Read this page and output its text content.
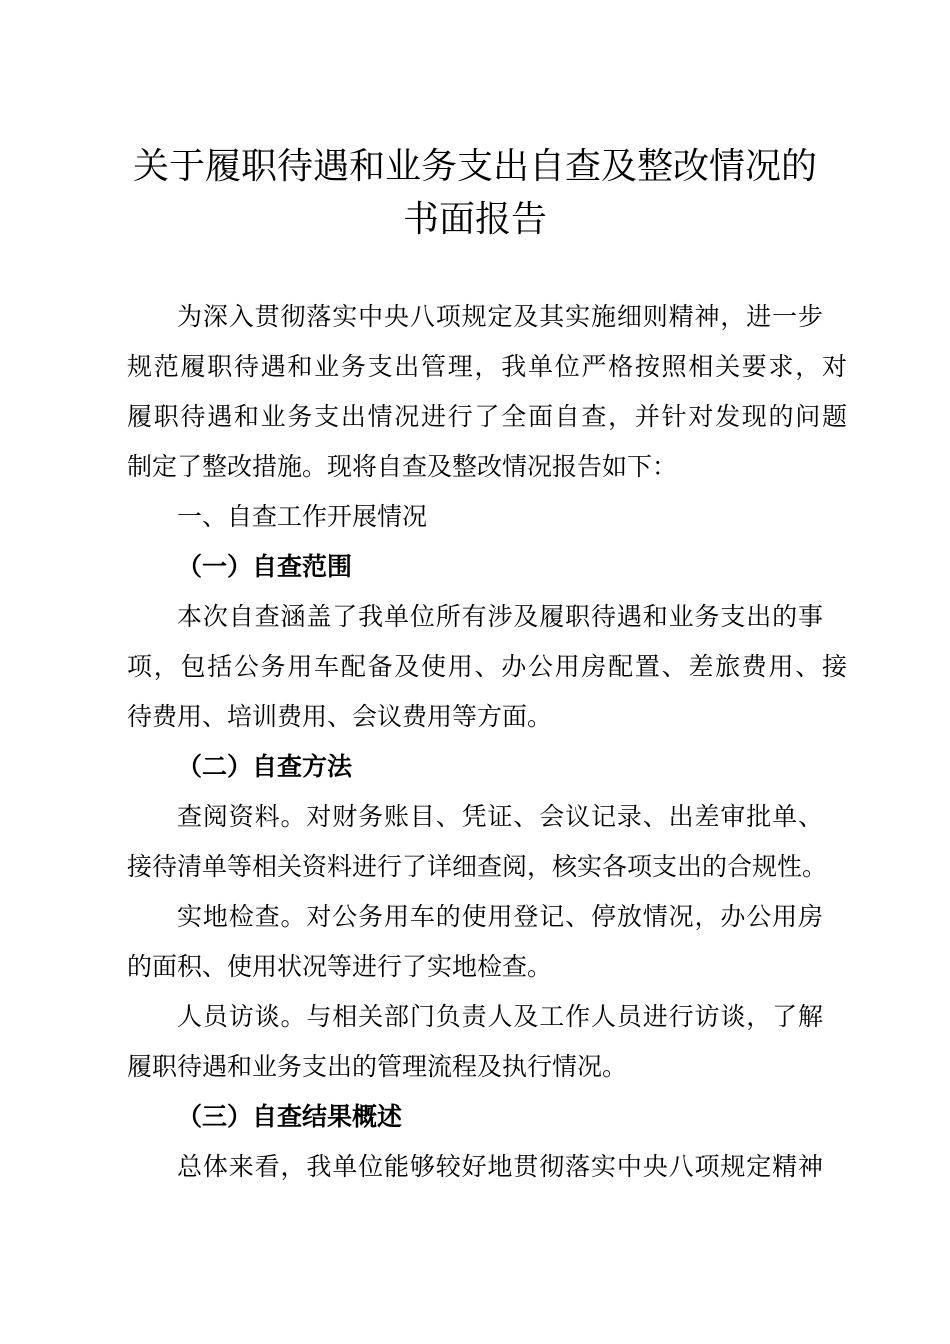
关于履职待遇和业务支出自查及整改情况的
书面报告
为深入贯彻落实中央八项规定及其实施细则精神，进一步
规范履职待遇和业务支出管理，我单位严格按照相关要求，对
履职待遇和业务支出情况进行了全面自查，并针对发现的问题
制定了整改措施。现将自查及整改情况报告如下：
一、自查工作开展情况
（一）自查范围
本次自查涵盖了我单位所有涉及履职待遇和业务支出的事
项，包括公务用车配备及使用、办公用房配置、差旅费用、接
待费用、培训费用、会议费用等方面。
（二）自查方法
查阅资料。对财务账目、凭证、会议记录、出差审批单、
接待清单等相关资料进行了详细查阅，核实各项支出的合规性。
实地检查。对公务用车的使用登记、停放情况，办公用房
的面积、使用状况等进行了实地检查。
人员访谈。与相关部门负责人及工作人员进行访谈，了解
履职待遇和业务支出的管理流程及执行情况。
（三）自查结果概述
总体来看，我单位能够较好地贯彻落实中央八项规定精神
